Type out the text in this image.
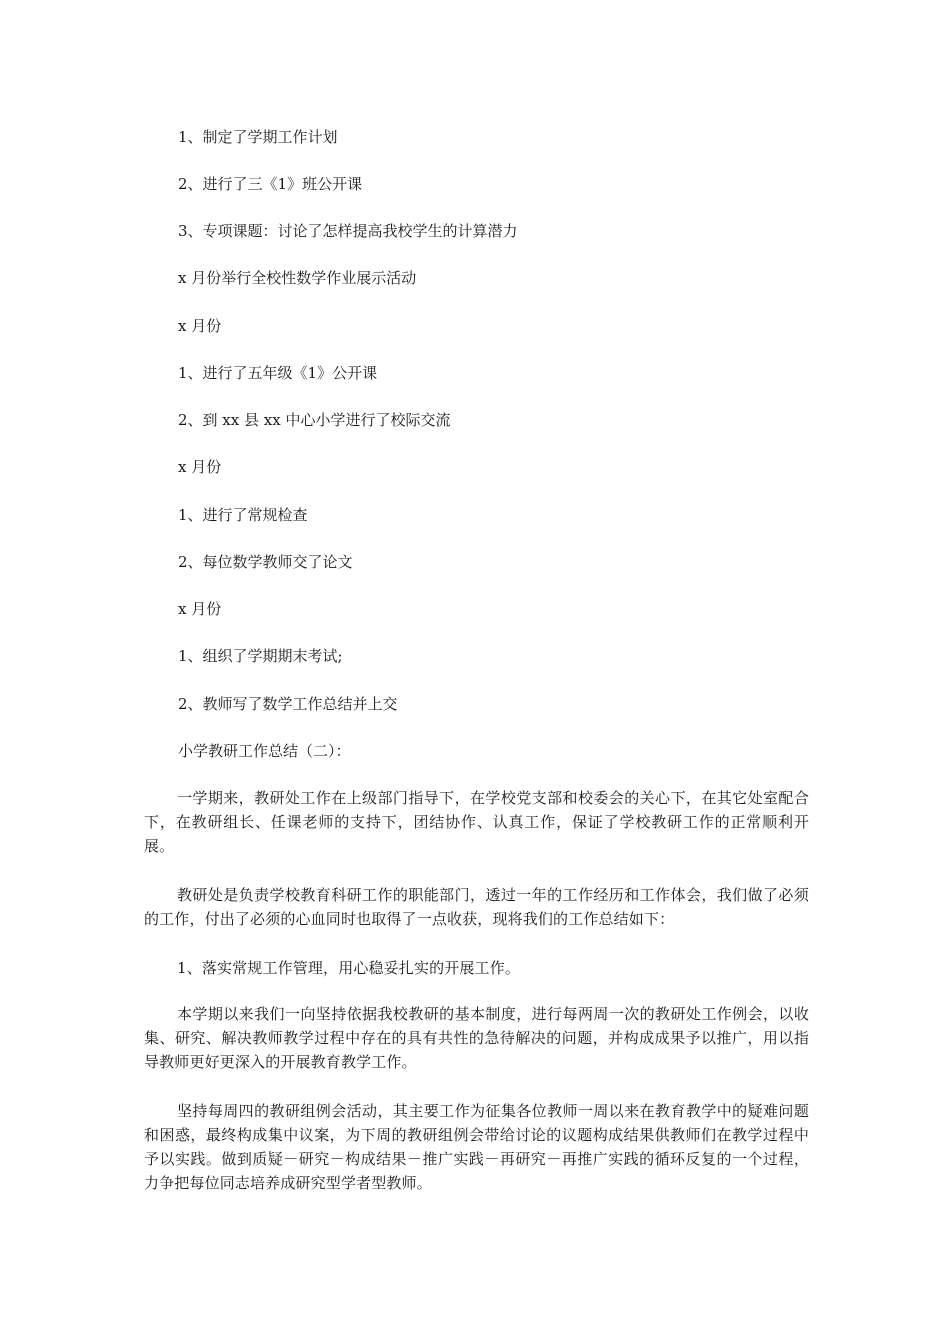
1、制定了学期工作计划
2、进行了三《1》班公开课
3、专项课题：讨论了怎样提高我校学生的计算潜力
x 月份举行全校性数学作业展示活动
x 月份
1、进行了五年级《1》公开课
2、到 xx 县 xx 中心小学进行了校际交流
x 月份
1、进行了常规检查
2、每位数学教师交了论文
x 月份
1、组织了学期期末考试;
2、教师写了数学工作总结并上交
小学教研工作总结（二）：
一学期来，教研处工作在上级部门指导下，在学校党支部和校委会的关心下，在其它处室配合下，在教研组长、任课老师的支持下，团结协作、认真工作，保证了学校教研工作的正常顺利开展。
教研处是负责学校教育科研工作的职能部门，透过一年的工作经历和工作体会，我们做了必须的工作，付出了必须的心血同时也取得了一点收获，现将我们的工作总结如下：
1、落实常规工作管理，用心稳妥扎实的开展工作。
本学期以来我们一向坚持依据我校教研的基本制度，进行每两周一次的教研处工作例会，以收集、研究、解决教师教学过程中存在的具有共性的急待解决的问题，并构成成果予以推广，用以指导教师更好更深入的开展教育教学工作。
坚持每周四的教研组例会活动，其主要工作为征集各位教师一周以来在教育教学中的疑难问题和困惑，最终构成集中议案，为下周的教研组例会带给讨论的议题构成结果供教师们在教学过程中予以实践。做到质疑－研究－构成结果－推广实践－再研究－再推广实践的循环反复的一个过程，力争把每位同志培养成研究型学者型教师。
